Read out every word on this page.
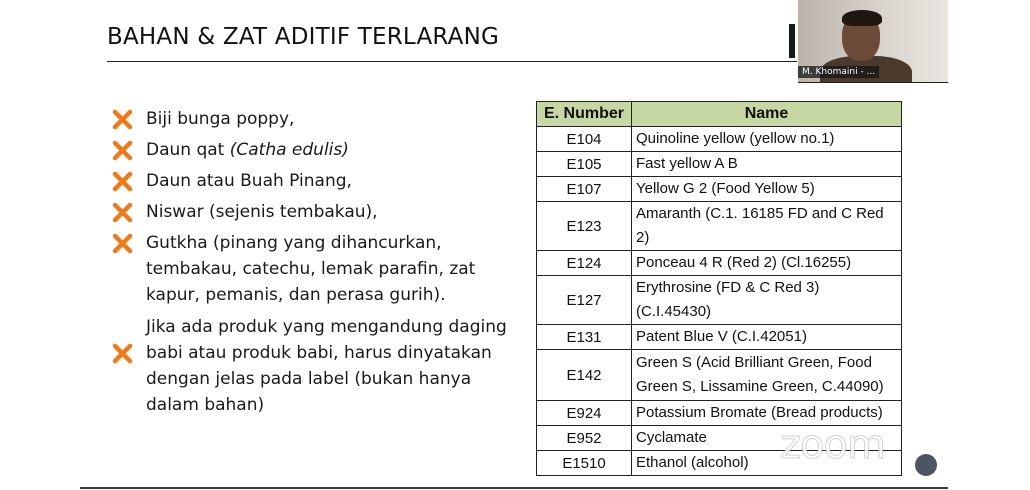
BAHAN & ZAT ADITIF TERLARANG
Biji bunga poppy,
Daun qat (Catha edulis)
Daun atau Buah Pinang,
Niswar (sejenis tembakau),
Gutkha (pinang yang dihancurkan,
tembakau, catechu, lemak parafin, zat
kapur, pemanis, dan perasa gurih).
Jika ada produk yang mengandung daging
babi atau produk babi, harus dinyatakan
dengan jelas pada label (bukan hanya
dalam bahan)
E. Number	Name
E104	Quinoline yellow (yellow no.1)
E105	Fast yellow A B
E107	Yellow G 2 (Food Yellow 5)
E123	Amaranth (C.1. 16185 FD and C Red 2)
E124	Ponceau 4 R (Red 2) (Cl.16255)
E127	Erythrosine (FD & C Red 3) (C.I.45430)
E131	Patent Blue V (C.I.42051)
E142	Green S (Acid Brilliant Green, Food Green S, Lissamine Green, C.44090)
E924	Potassium Bromate (Bread products)
E952	Cyclamate
E1510	Ethanol (alcohol)
M. Khomaini - ...
zoom
